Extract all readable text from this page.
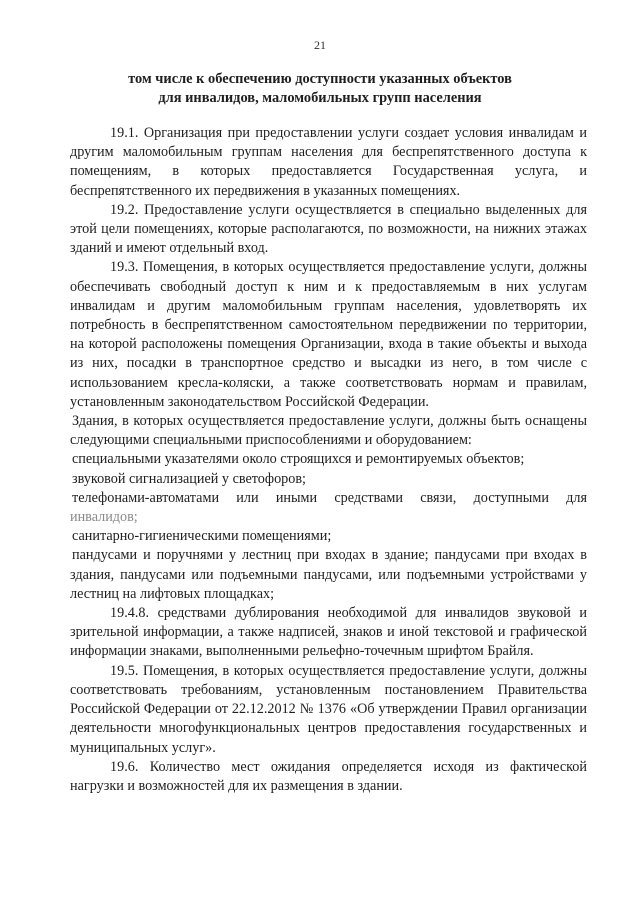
21
том числе к обеспечению доступности указанных объектов
для инвалидов, маломобильных групп населения

19.1. Организация при предоставлении услуги создает условия инвалидам и другим маломобильным группам населения для беспрепятственного доступа к помещениям, в которых предоставляется Государственная услуга, и беспрепятственного их передвижения в указанных помещениях.

19.2. Предоставление услуги осуществляется в специально выделенных для этой цели помещениях, которые располагаются, по возможности, на нижних этажах зданий и имеют отдельный вход.

19.3. Помещения, в которых осуществляется предоставление услуги, должны обеспечивать свободный доступ к ним и к предоставляемым в них услугам инвалидам и другим маломобильным группам населения, удовлетворять их потребность в беспрепятственном самостоятельном передвижении по территории, на которой расположены помещения Организации, входа в такие объекты и выхода из них, посадки в транспортное средство и высадки из него, в том числе с использованием кресла-коляски, а также соответствовать нормам и правилам, установленным законодательством Российской Федерации.

Здания, в которых осуществляется предоставление услуги, должны быть оснащены следующими специальными приспособлениями и оборудованием:

специальными указателями около строящихся и ремонтируемых объектов;

звуковой сигнализацией у светофоров;

телефонами-автоматами или иными средствами связи, доступными для

инвалидов;

санитарно-гигиеническими помещениями;

пандусами и поручнями у лестниц при входах в здание; пандусами при входах в здания, пандусами или подъемными пандусами, или подъемными устройствами у лестниц на лифтовых площадках;

19.4.8. средствами дублирования необходимой для инвалидов звуковой и зрительной информации, а также надписей, знаков и иной текстовой и графической информации знаками, выполненными рельефно-точечным шрифтом Брайля.

19.5. Помещения, в которых осуществляется предоставление услуги, должны соответствовать требованиям, установленным постановлением Правительства Российской Федерации от 22.12.2012 № 1376 «Об утверждении Правил организации деятельности многофункциональных центров предоставления государственных и муниципальных услуг».

19.6. Количество мест ожидания определяется исходя из фактической нагрузки и возможностей для их размещения в здании.
